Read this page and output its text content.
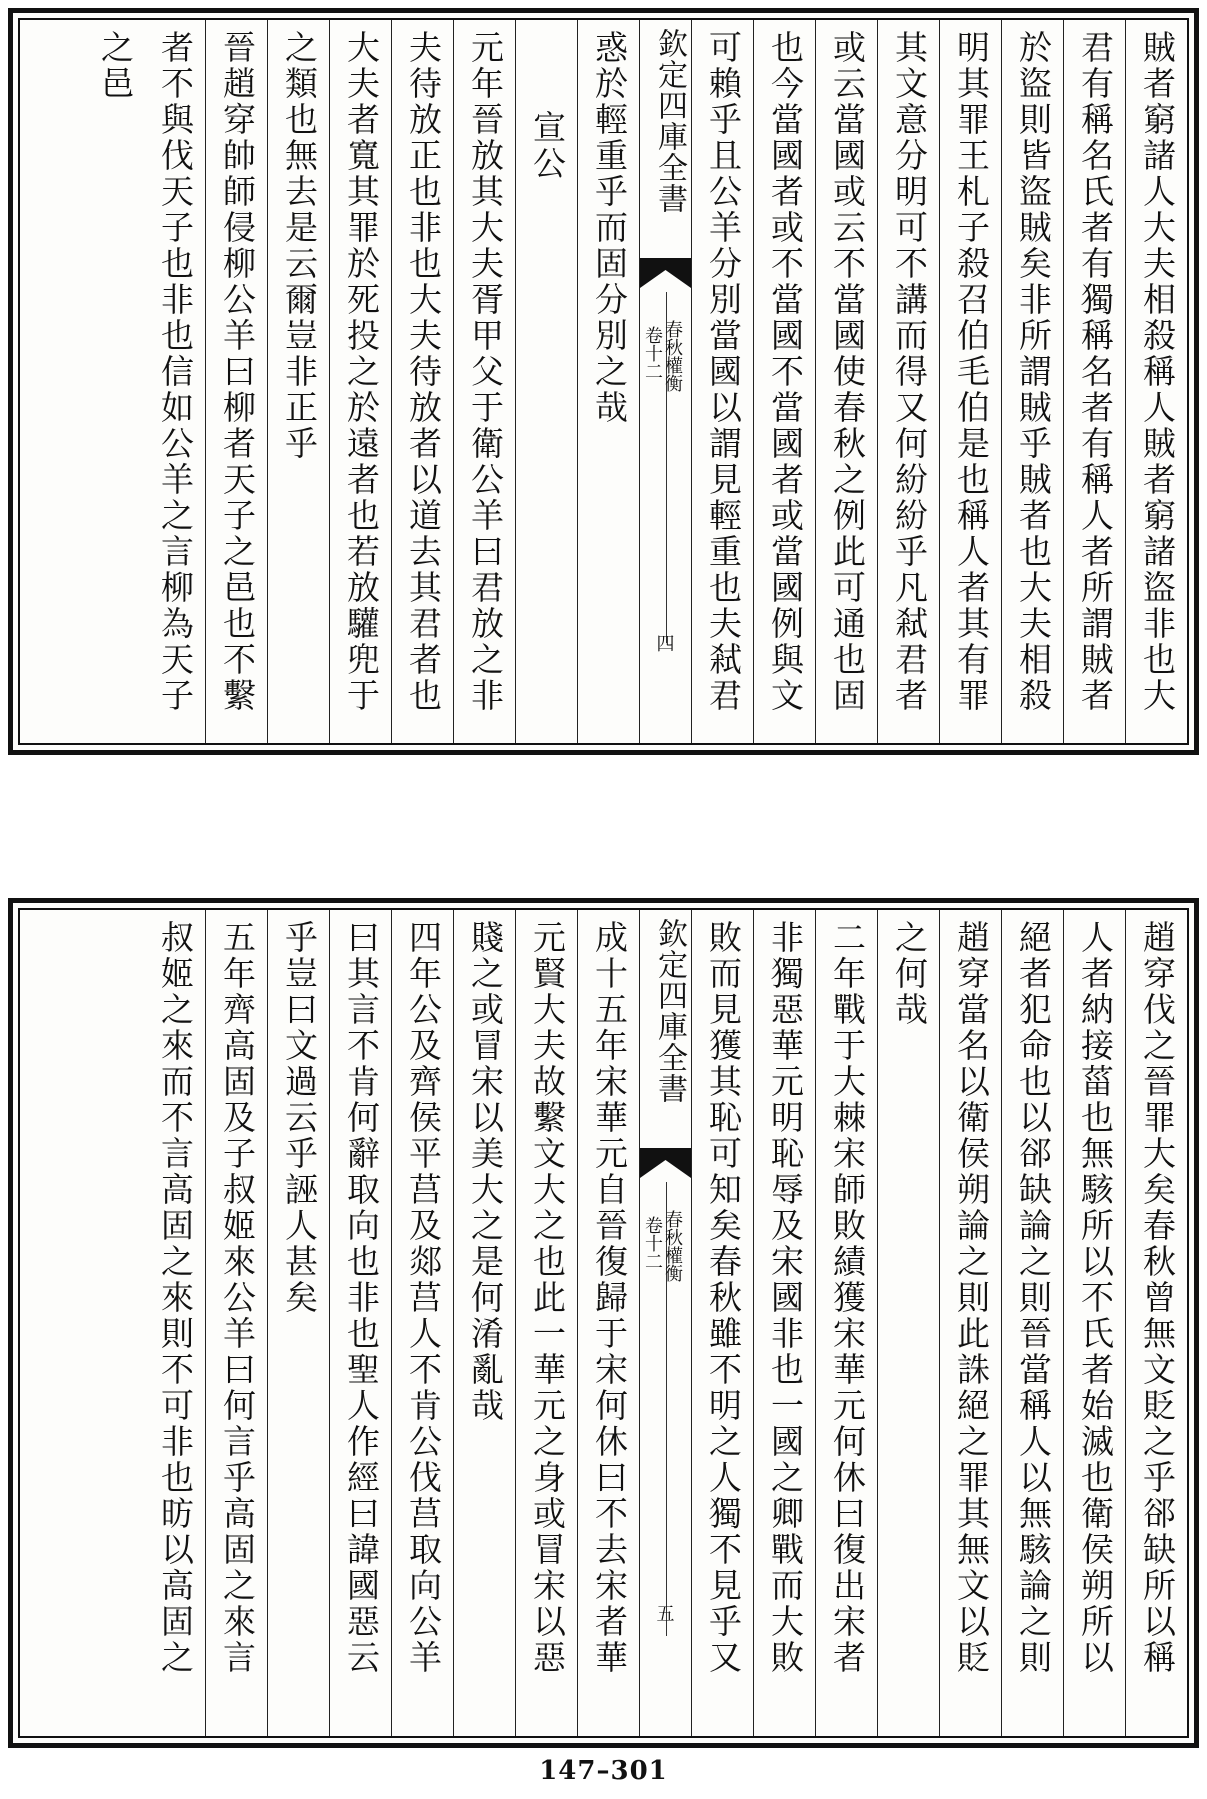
賊者窮諸人大夫相殺稱人賊者窮諸盜非也大
君有稱名氏者有獨稱名者有稱人者所謂賊者
於盜則皆盜賊矣非所謂賊乎賊者也大夫相殺
明其罪王札子殺召伯毛伯是也稱人者其有罪
其文意分明可不講而得又何紛紛乎凡弒君者
或云當國或云不當國使春秋之例此可通也固
也今當國者或不當國不當國者或當國例與文
可賴乎且公羊分別當國以謂見輕重也夫弒君
欽定四庫全書
春秋權衡
卷十二
四
惑於輕重乎而固分別之哉
宣公
元年晉放其大夫胥甲父于衛公羊曰君放之非
夫待放正也非也大夫待放者以道去其君者也
大夫者寬其罪於死投之於遠者也若放驩兜于
之類也無去是云爾豈非正乎
晉趙穿帥師侵柳公羊曰柳者天子之邑也不繫
者不與伐天子也非也信如公羊之言柳為天子之邑
趙穿伐之晉罪大矣春秋曾無文貶之乎郤缺所以稱
人者納接菑也無駭所以不氏者始滅也衛侯朔所以
絕者犯命也以郤缺論之則晉當稱人以無駭論之則
趙穿當名以衛侯朔論之則此誅絕之罪其無文以貶
之何哉
二年戰于大棘宋師敗績獲宋華元何休曰復出宋者
非獨惡華元明恥辱及宋國非也一國之卿戰而大敗
敗而見獲其恥可知矣春秋雖不明之人獨不見乎又
欽定四庫全書
春秋權衡
卷十二
五
成十五年宋華元自晉復歸于宋何休曰不去宋者華
元賢大夫故繫文大之也此一華元之身或冒宋以惡
賤之或冒宋以美大之是何淆亂哉
四年公及齊侯平莒及郯莒人不肯公伐莒取向公羊
曰其言不肯何辭取向也非也聖人作經曰諱國惡云
乎豈曰文過云乎誣人甚矣
五年齊高固及子叔姬來公羊曰何言乎高固之來言
叔姬之來而不言高固之來則不可非也昉以高固之
147–301
